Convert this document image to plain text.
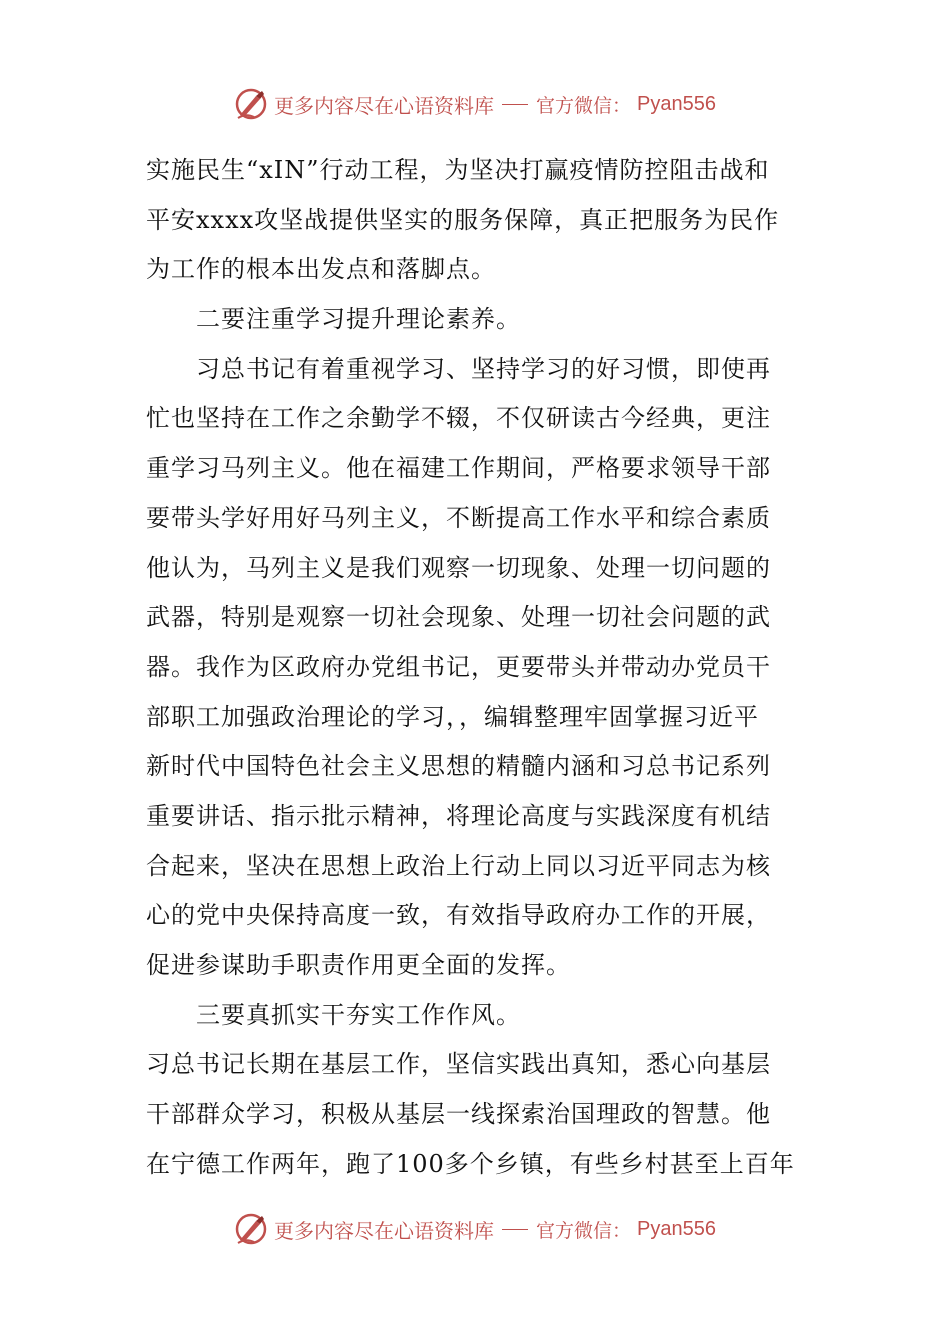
更多内容尽在心语资料库 官方微信： Pyan556
实施民生“xIN”行动工程，为坚决打赢疫情防控阻击战和
平安xxxx攻坚战提供坚实的服务保障，真正把服务为民作
为工作的根本出发点和落脚点。
二要注重学习提升理论素养。
习总书记有着重视学习、坚持学习的好习惯，即使再
忙也坚持在工作之余勤学不辍，不仅研读古今经典，更注
重学习马列主义。他在福建工作期间，严格要求领导干部
要带头学好用好马列主义，不断提高工作水平和综合素质
他认为，马列主义是我们观察一切现象、处理一切问题的
武器，特别是观察一切社会现象、处理一切社会问题的武
器。我作为区政府办党组书记，更要带头并带动办党员干
部职工加强政治理论的学习，，编辑整理牢固掌握习近平
新时代中国特色社会主义思想的精髓内涵和习总书记系列
重要讲话、指示批示精神，将理论高度与实践深度有机结
合起来，坚决在思想上政治上行动上同以习近平同志为核
心的党中央保持高度一致，有效指导政府办工作的开展，
促进参谋助手职责作用更全面的发挥。
三要真抓实干夯实工作作风。
习总书记长期在基层工作，坚信实践出真知，悉心向基层
干部群众学习，积极从基层一线探索治国理政的智慧。他
在宁德工作两年，跑了100多个乡镇，有些乡村甚至上百年
更多内容尽在心语资料库 官方微信： Pyan556
